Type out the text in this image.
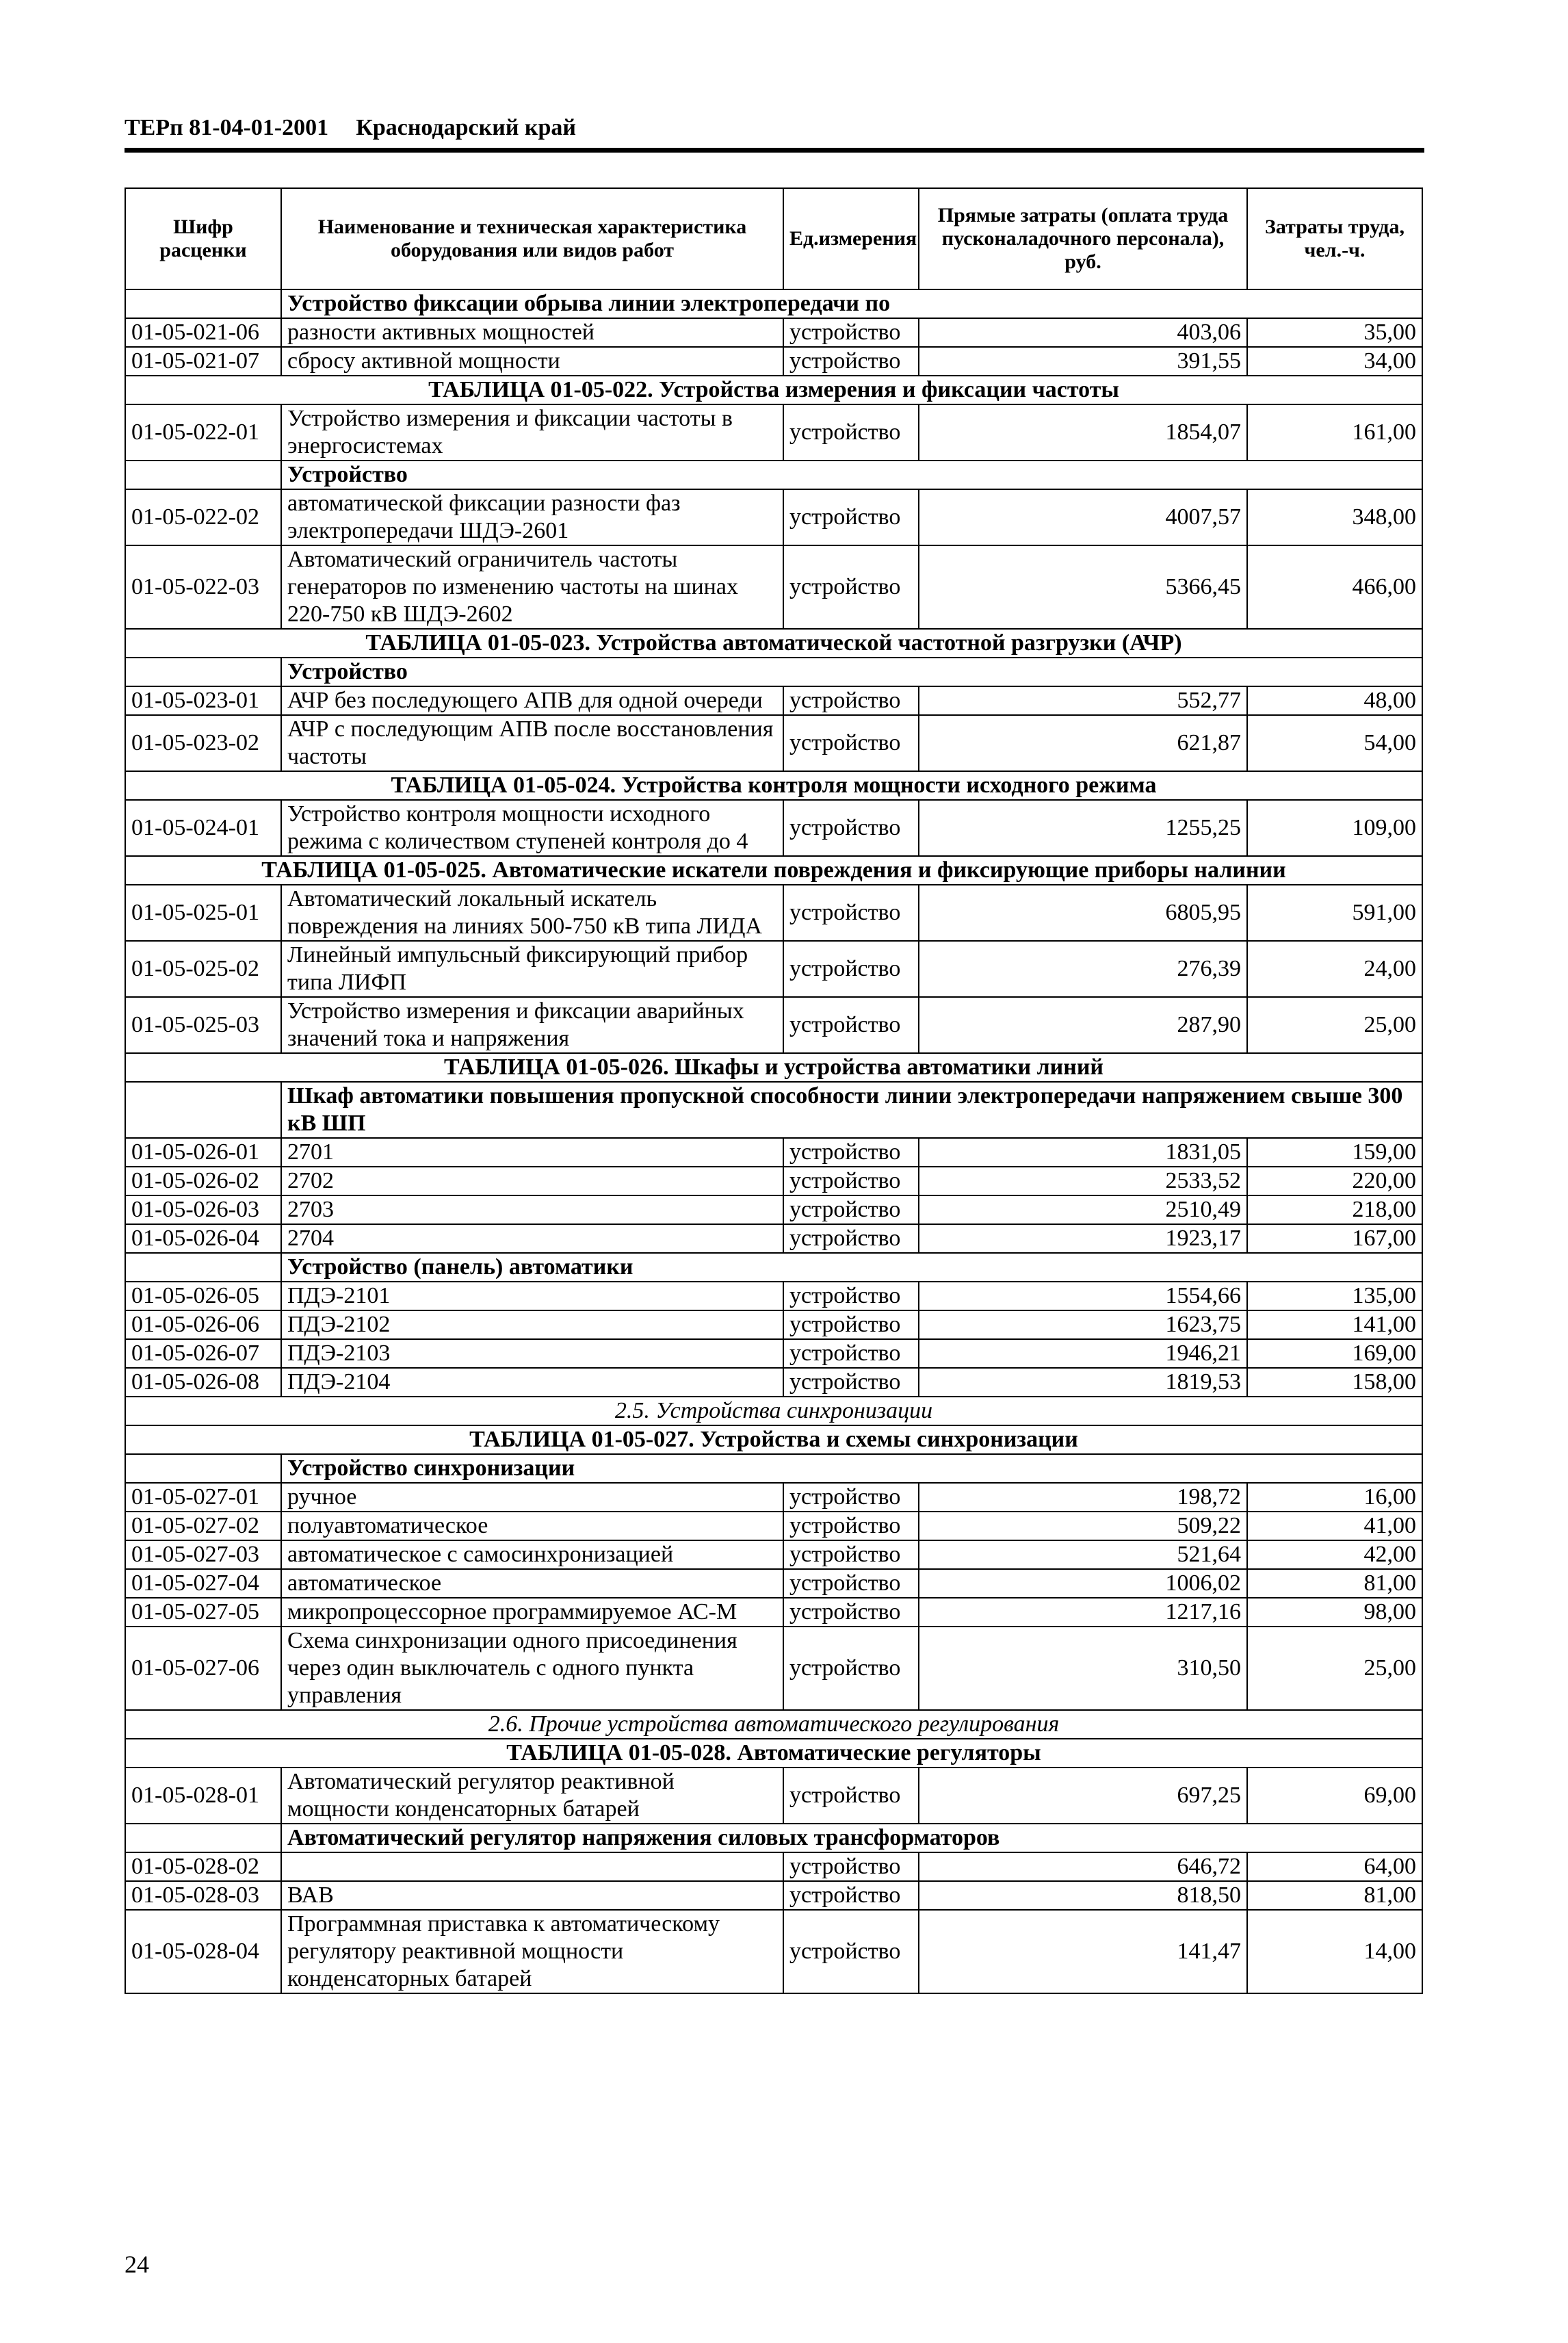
ТЕРп 81-04-01-2001 Краснодарский край
Шифр расценки	Наименование и техническая характеристика оборудования или видов работ	Ед.измерения	Прямые затраты (оплата труда пусконаладочного персонала), руб.	Затраты труда, чел.-ч.
	Устройство фиксации обрыва линии электропередачи по			
01-05-021-06	разности активных мощностей	устройство	403,06	35,00
01-05-021-07	сбросу активной мощности	устройство	391,55	34,00
ТАБЛИЦА 01-05-022. Устройства измерения и фиксации частоты				
01-05-022-01	Устройство измерения и фиксации частоты в энергосистемах	устройство	1854,07	161,00
	Устройство			
01-05-022-02	автоматической фиксации разности фаз электропередачи ШДЭ-2601	устройство	4007,57	348,00
01-05-022-03	Автоматический ограничитель частоты генераторов по изменению частоты на шинах 220-750 кВ ШДЭ-2602	устройство	5366,45	466,00
ТАБЛИЦА 01-05-023. Устройства автоматической частотной разгрузки (АЧР)				
	Устройство			
01-05-023-01	АЧР без последующего АПВ для одной очереди	устройство	552,77	48,00
01-05-023-02	АЧР с последующим АПВ после восстановления частоты	устройство	621,87	54,00
ТАБЛИЦА 01-05-024. Устройства контроля мощности исходного режима				
01-05-024-01	Устройство контроля мощности исходного режима с количеством ступеней контроля до 4	устройство	1255,25	109,00
ТАБЛИЦА 01-05-025. Автоматические искатели повреждения и фиксирующие приборы налинии				
01-05-025-01	Автоматический локальный искатель повреждения на линиях 500-750 кВ типа ЛИДА	устройство	6805,95	591,00
01-05-025-02	Линейный импульсный фиксирующий прибор типа ЛИФП	устройство	276,39	24,00
01-05-025-03	Устройство измерения и фиксации аварийных значений тока и напряжения	устройство	287,90	25,00
ТАБЛИЦА 01-05-026. Шкафы и устройства автоматики линий				
	Шкаф автоматики повышения пропускной способности линии электропередачи напряжением свыше 300 кВ ШП			
01-05-026-01	2701	устройство	1831,05	159,00
01-05-026-02	2702	устройство	2533,52	220,00
01-05-026-03	2703	устройство	2510,49	218,00
01-05-026-04	2704	устройство	1923,17	167,00
	Устройство (панель) автоматики			
01-05-026-05	ПДЭ-2101	устройство	1554,66	135,00
01-05-026-06	ПДЭ-2102	устройство	1623,75	141,00
01-05-026-07	ПДЭ-2103	устройство	1946,21	169,00
01-05-026-08	ПДЭ-2104	устройство	1819,53	158,00
2.5. Устройства синхронизации				
ТАБЛИЦА 01-05-027. Устройства и схемы синхронизации				
	Устройство синхронизации			
01-05-027-01	ручное	устройство	198,72	16,00
01-05-027-02	полуавтоматическое	устройство	509,22	41,00
01-05-027-03	автоматическое с самосинхронизацией	устройство	521,64	42,00
01-05-027-04	автоматическое	устройство	1006,02	81,00
01-05-027-05	микропроцессорное программируемое АС-М	устройство	1217,16	98,00
01-05-027-06	Схема синхронизации одного присоединения через один выключатель с одного пункта управления	устройство	310,50	25,00
2.6. Прочие устройства автоматического регулирования				
ТАБЛИЦА 01-05-028. Автоматические регуляторы				
01-05-028-01	Автоматический регулятор реактивной мощности конденсаторных батарей	устройство	697,25	69,00
	Автоматический регулятор напряжения силовых трансформаторов			
01-05-028-02		устройство	646,72	64,00
01-05-028-03	ВАВ	устройство	818,50	81,00
01-05-028-04	Программная приставка к автоматическому регулятору реактивной мощности конденсаторных батарей	устройство	141,47	14,00
24
